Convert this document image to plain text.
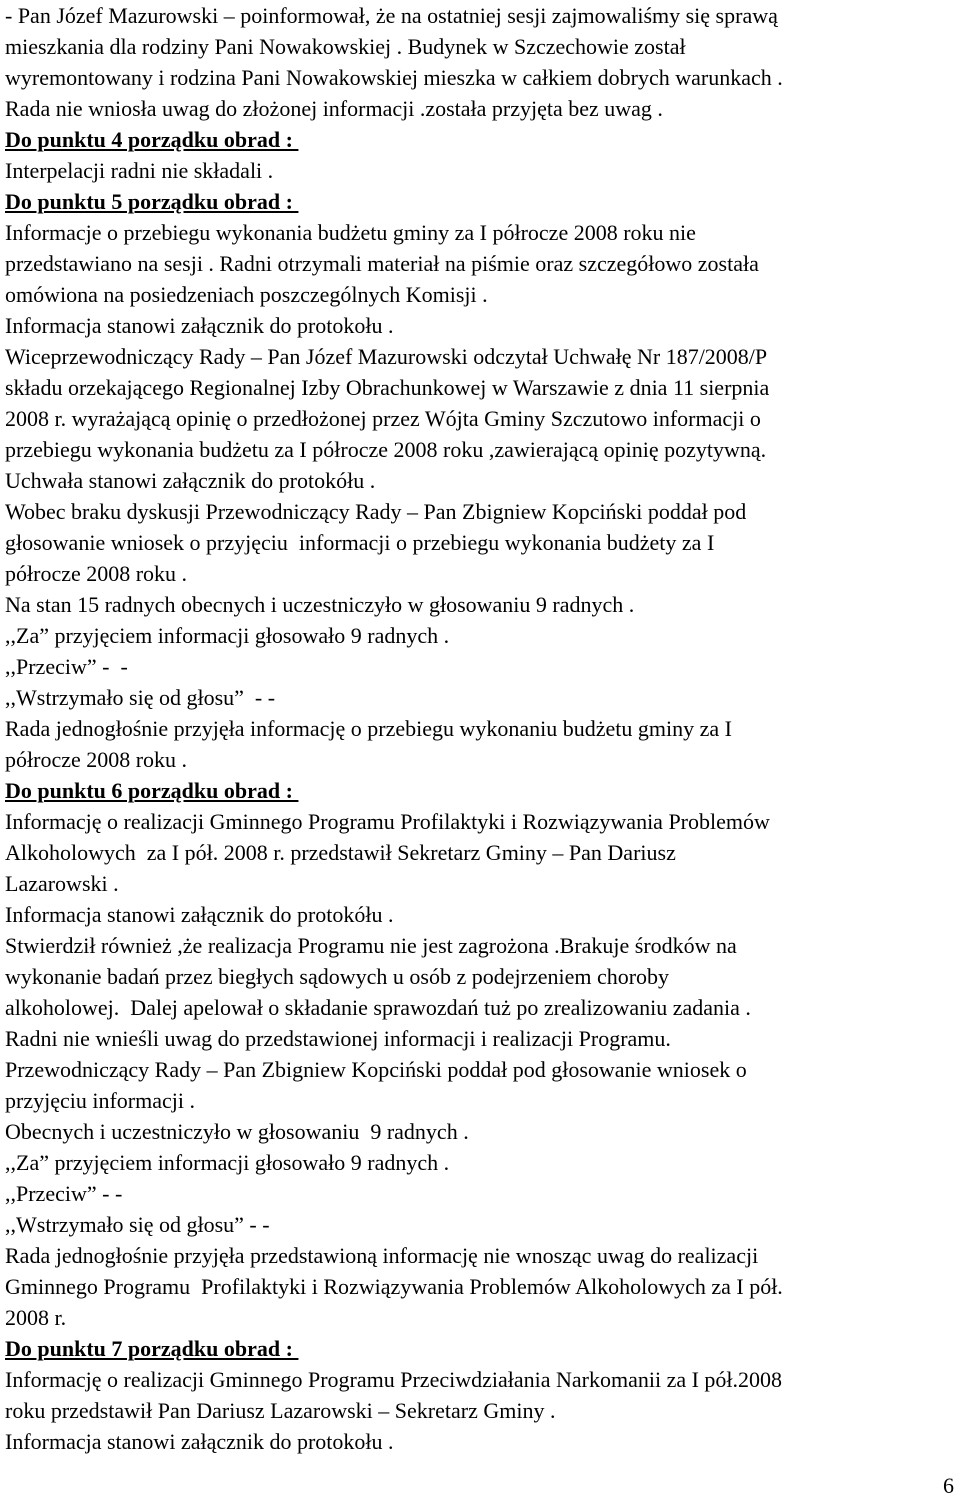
- Pan Józef Mazurowski – poinformował, że na ostatniej sesji zajmowaliśmy się sprawą
mieszkania dla rodziny Pani Nowakowskiej . Budynek w Szczechowie został
wyremontowany i rodzina Pani Nowakowskiej mieszka w całkiem dobrych warunkach .
Rada nie wniosła uwag do złożonej informacji .została przyjęta bez uwag .
Do punktu 4 porządku obrad :
Interpelacji radni nie składali .
Do punktu 5 porządku obrad :
Informacje o przebiegu wykonania budżetu gminy za I półrocze 2008 roku nie
przedstawiano na sesji . Radni otrzymali materiał na piśmie oraz szczegółowo została
omówiona na posiedzeniach poszczególnych Komisji .
Informacja stanowi załącznik do protokołu .
Wiceprzewodniczący Rady – Pan Józef Mazurowski odczytał Uchwałę Nr 187/2008/P
składu orzekającego Regionalnej Izby Obrachunkowej w Warszawie z dnia 11 sierpnia
2008 r. wyrażającą opinię o przedłożonej przez Wójta Gminy Szczutowo informacji o
przebiegu wykonania budżetu za I półrocze 2008 roku ,zawierającą opinię pozytywną.
Uchwała stanowi załącznik do protokółu .
Wobec braku dyskusji Przewodniczący Rady – Pan Zbigniew Kopciński poddał pod
głosowanie wniosek o przyjęciu  informacji o przebiegu wykonania budżety za I
półrocze 2008 roku .
Na stan 15 radnych obecnych i uczestniczyło w głosowaniu 9 radnych .
,,Za” przyjęciem informacji głosowało 9 radnych .
,,Przeciw” -  -
,,Wstrzymało się od głosu”  - -
Rada jednogłośnie przyjęła informację o przebiegu wykonaniu budżetu gminy za I
półrocze 2008 roku .
Do punktu 6 porządku obrad :
Informację o realizacji Gminnego Programu Profilaktyki i Rozwiązywania Problemów
Alkoholowych  za I pół. 2008 r. przedstawił Sekretarz Gminy – Pan Dariusz
Lazarowski .
Informacja stanowi załącznik do protokółu .
Stwierdził również ,że realizacja Programu nie jest zagrożona .Brakuje środków na
wykonanie badań przez biegłych sądowych u osób z podejrzeniem choroby
alkoholowej.  Dalej apelował o składanie sprawozdań tuż po zrealizowaniu zadania .
Radni nie wnieśli uwag do przedstawionej informacji i realizacji Programu.
Przewodniczący Rady – Pan Zbigniew Kopciński poddał pod głosowanie wniosek o
przyjęciu informacji .
Obecnych i uczestniczyło w głosowaniu  9 radnych .
,,Za” przyjęciem informacji głosowało 9 radnych .
,,Przeciw” - -
,,Wstrzymało się od głosu” - -
Rada jednogłośnie przyjęła przedstawioną informację nie wnosząc uwag do realizacji
Gminnego Programu  Profilaktyki i Rozwiązywania Problemów Alkoholowych za I pół.
2008 r.
Do punktu 7 porządku obrad :
Informację o realizacji Gminnego Programu Przeciwdziałania Narkomanii za I pół.2008
roku przedstawił Pan Dariusz Lazarowski – Sekretarz Gminy .
Informacja stanowi załącznik do protokołu .
6
